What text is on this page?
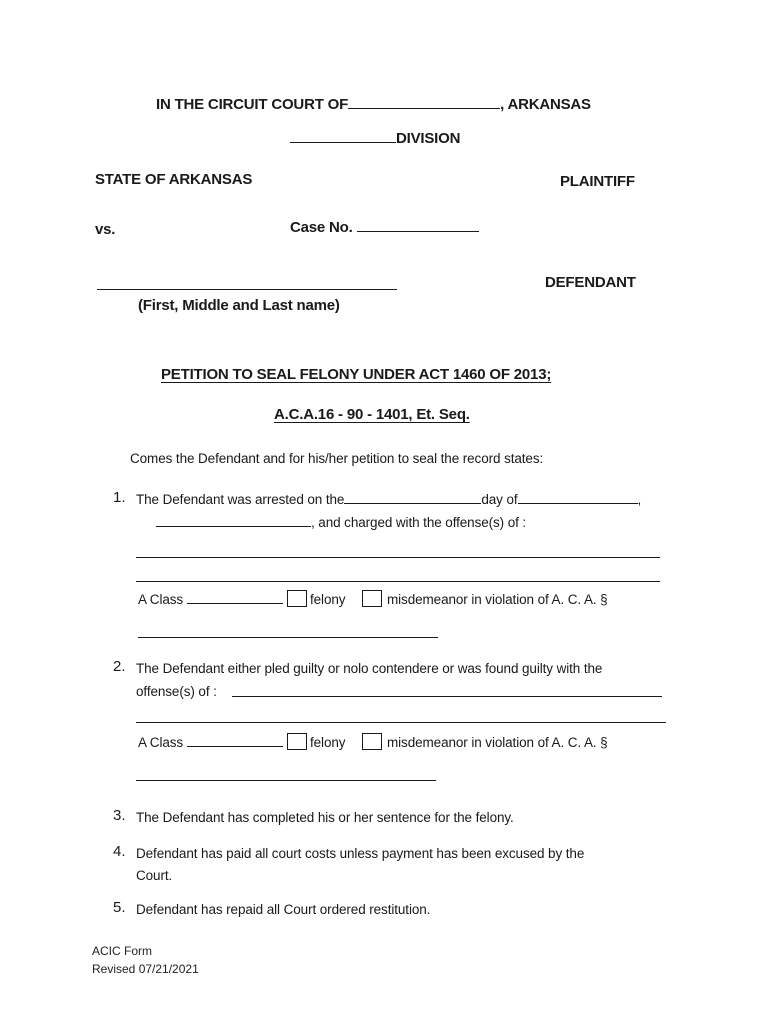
IN THE CIRCUIT COURT OF	, ARKANSAS
DIVISION
STATE OF ARKANSAS	PLAINTIFF
vs.	Case No.
DEFENDANT
(First, Middle and Last name)
PETITION TO SEAL FELONY UNDER ACT 1460 OF 2013;
A.C.A.16 - 90 - 1401, Et. Seq.
Comes the Defendant and for his/her petition to seal the record states:
1. The Defendant was arrested on the	day of	,
, and charged with the offense(s) of :
A Class	felony	misdemeanor in violation of A. C. A. §
2. The Defendant either pled guilty or nolo contendere or was found guilty with the
offense(s) of :
A Class	felony	misdemeanor in violation of A. C. A. §
3. The Defendant has completed his or her sentence for the felony.
4. Defendant has paid all court costs unless payment has been excused by the
Court.
5. Defendant has repaid all Court ordered restitution.
ACIC Form
Revised 07/21/2021
